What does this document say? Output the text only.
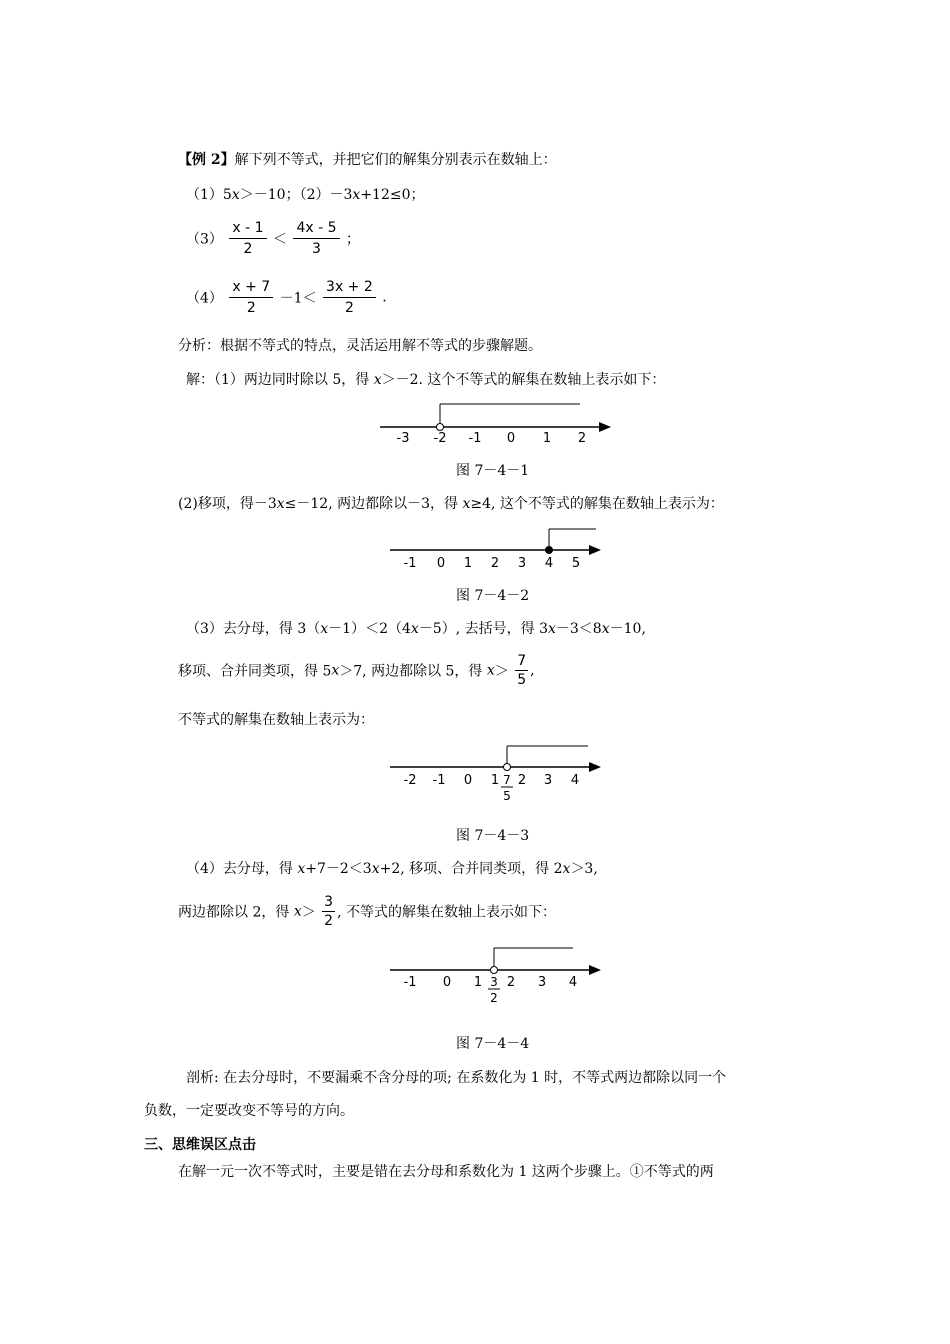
【例 2】解下列不等式，并把它们的解集分别表示在数轴上：
（1）5x＞－10；（2）－3x+12≤0；
$(3) \frac{x - 1}{2} < \frac{4x - 5}{3}$ ；
$(4) \frac{x + 7}{2} -1< \frac{3x + 2}{2}$ .
分析：根据不等式的特点，灵活运用解不等式的步骤解题。
解：（1）两边同时除以 5，得 x＞－2. 这个不等式的解集在数轴上表示如下：
-3 -2 -1 0 1 2
-1 0 1 2 3 4 5
-2 -1 0 1 2 3 4
7
5
-1 0 1 2 3 4
3
2
图 7－4－1
(2)移项，得－3x≤－12, 两边都除以－3，得 x≥4, 这个不等式的解集在数轴上表示为：
图 7－4－2
（3）去分母，得 3（x－1）＜2（4x－5）, 去括号，得 3x－3＜8x－10,
移项、合并同类项，得 5x＞7, 两边都除以 5，得 $x> \frac{7}{5}$ ,
不等式的解集在数轴上表示为：
图 7－4－3
（4）去分母，得 x+7－2＜3x+2, 移项、合并同类项，得 2x＞3,
两边都除以 2，得 $x> \frac{3}{2}$ , 不等式的解集在数轴上表示如下：
图 7－4－4
剖析: 在去分母时，不要漏乘不含分母的项; 在系数化为 1 时，不等式两边都除以同一个
负数，一定要改变不等号的方向。
三、思维误区点击
在解一元一次不等式时，主要是错在去分母和系数化为 1 这两个步骤上。①不等式的两
